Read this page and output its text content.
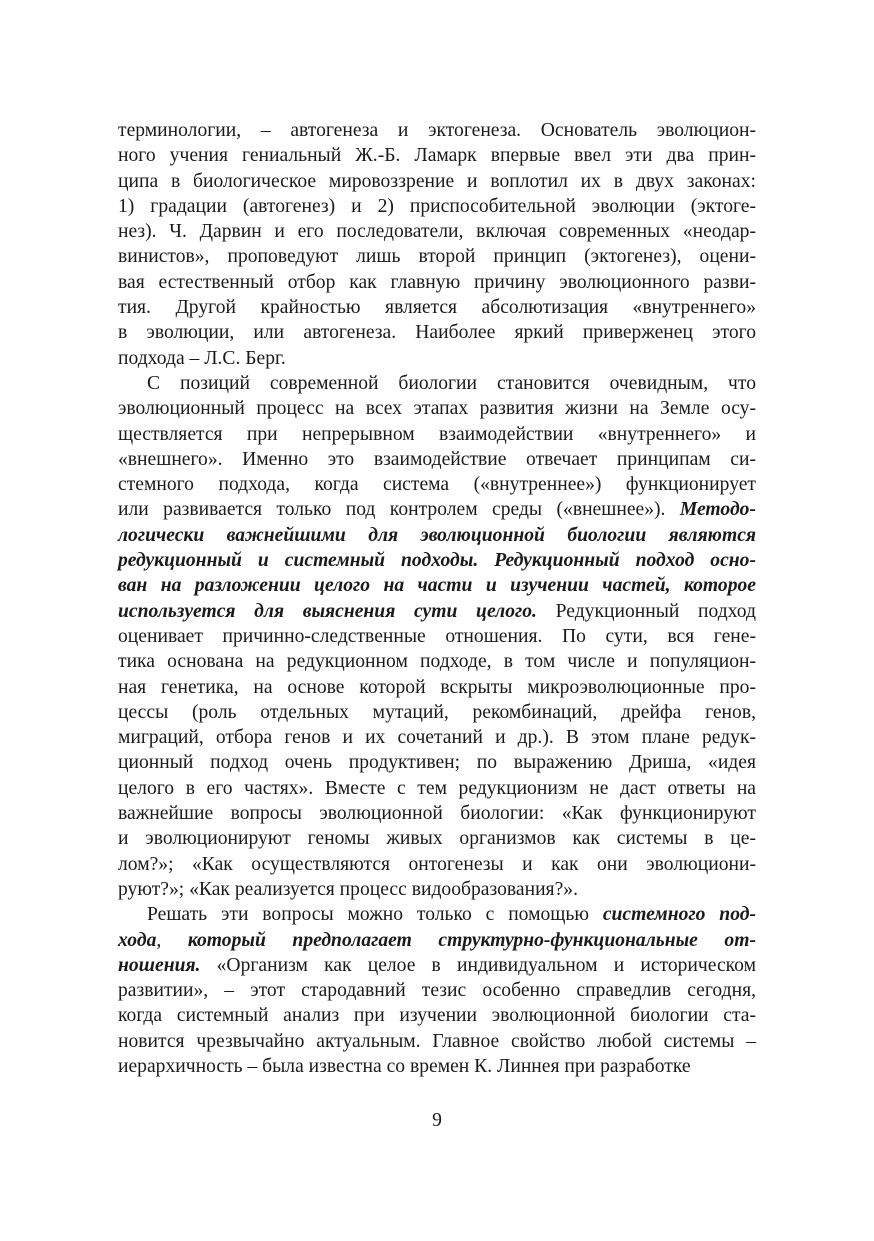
терминологии, – автогенеза и эктогенеза. Основатель эволюцион-
ного учения гениальный Ж.-Б. Ламарк впервые ввел эти два прин-
ципа в биологическое мировоззрение и воплотил их в двух законах:
1) градации (автогенез) и 2) приспособительной эволюции (эктоге-
нез). Ч. Дарвин и его последователи, включая современных «неодар-
винистов», проповедуют лишь второй принцип (эктогенез), оцени-
вая естественный отбор как главную причину эволюционного разви-
тия. Другой крайностью является абсолютизация «внутреннего»
в эволюции, или автогенеза. Наиболее яркий приверженец этого
подхода – Л.С. Берг.
С позиций современной биологии становится очевидным, что
эволюционный процесс на всех этапах развития жизни на Земле осу-
ществляется при непрерывном взаимодействии «внутреннего» и
«внешнего». Именно это взаимодействие отвечает принципам си-
стемного подхода, когда система («внутреннее») функционирует
или развивается только под контролем среды («внешнее»). Методо-
логически важнейшими для эволюционной биологии являются
редукционный и системный подходы. Редукционный подход осно-
ван на разложении целого на части и изучении частей, которое
используется для выяснения сути целого. Редукционный подход
оценивает причинно-следственные отношения. По сути, вся гене-
тика основана на редукционном подходе, в том числе и популяцион-
ная генетика, на основе которой вскрыты микроэволюционные про-
цессы (роль отдельных мутаций, рекомбинаций, дрейфа генов,
миграций, отбора генов и их сочетаний и др.). В этом плане редук-
ционный подход очень продуктивен; по выражению Дриша, «идея
целого в его частях». Вместе с тем редукционизм не даст ответы на
важнейшие вопросы эволюционной биологии: «Как функционируют
и эволюционируют геномы живых организмов как системы в це-
лом?»; «Как осуществляются онтогенезы и как они эволюциони-
руют?»; «Как реализуется процесс видообразования?».
Решать эти вопросы можно только с помощью системного под-
хода, который предполагает структурно-функциональные от-
ношения. «Организм как целое в индивидуальном и историческом
развитии», – этот стародавний тезис особенно справедлив сегодня,
когда системный анализ при изучении эволюционной биологии ста-
новится чрезвычайно актуальным. Главное свойство любой системы –
иерархичность – была известна со времен К. Линнея при разработке
9
